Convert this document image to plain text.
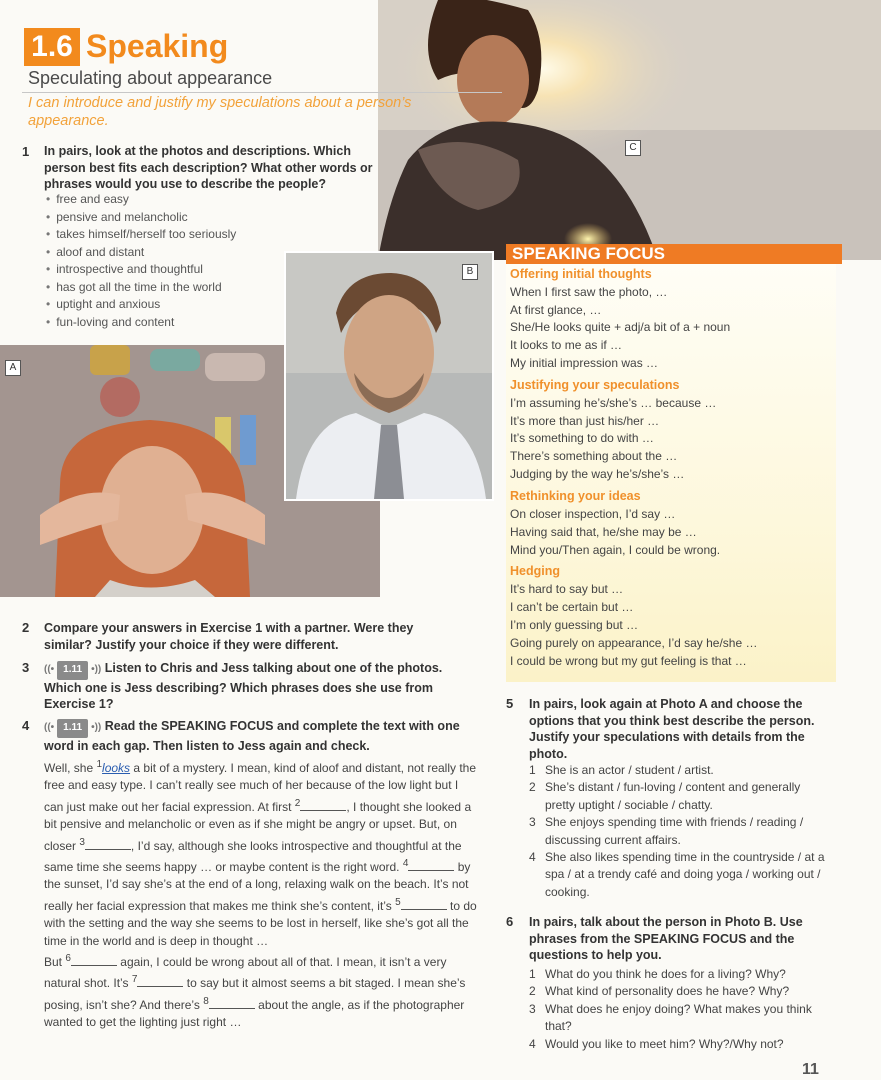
C
1.6 Speaking
Speculating about appearance
I can introduce and justify my speculations about a person’s appearance.
1 In pairs, look at the photos and descriptions. Which person best fits each description? What other words or phrases would you use to describe the people?
• free and easy
• pensive and melancholic
• takes himself/herself too seriously
• aloof and distant
• introspective and thoughtful
• has got all the time in the world
• uptight and anxious
• fun-loving and content
A
B
SPEAKING FOCUS
Offering initial thoughts
When I first saw the photo, …
At first glance, …
She/He looks quite + adj/a bit of a + noun
It looks to me as if …
My initial impression was …
Justifying your speculations
I’m assuming he’s/she’s … because …
It’s more than just his/her …
It’s something to do with …
There’s something about the …
Judging by the way he’s/she’s …
Rethinking your ideas
On closer inspection, I’d say …
Having said that, he/she may be …
Mind you/Then again, I could be wrong.
Hedging
It’s hard to say but …
I can’t be certain but …
I’m only guessing but …
Going purely on appearance, I’d say he/she …
I could be wrong but my gut feeling is that …
2 Compare your answers in Exercise 1 with a partner. Were they similar? Justify your choice if they were different.
3 ((• 1.11 •)) Listen to Chris and Jess talking about one of the photos. Which one is Jess describing? Which phrases does she use from Exercise 1?
4 ((• 1.11 •)) Read the SPEAKING FOCUS and complete the text with one word in each gap. Then listen to Jess again and check.
Well, she $^1$looks a bit of a mystery. I mean, kind of aloof and distant, not really the free and easy type. I can’t really see much of her because of the low light but I can just make out her facial expression. At first $^2$	, I thought she looked a bit pensive and melancholic or even as if she might be angry or upset. But, on closer $^3$	, I’d say, although she looks introspective and thoughtful at the same time she seems happy … or maybe content is the right word. $^4$	by the sunset, I’d say she’s at the end of a long, relaxing walk on the beach. It’s not really her facial expression that makes me think she’s content, it’s $^5$	to do with the setting and the way she seems to be lost in herself, like she’s got all the time in the world and is deep in thought …
But $^6$	again, I could be wrong about all of that. I mean, it isn’t a very natural shot. It’s $^7$	to say but it almost seems a bit staged. I mean she’s posing, isn’t she? And there’s $^8$	about the angle, as if the photographer wanted to get the lighting just right …
5 In pairs, look again at Photo A and choose the options that you think best describe the person. Justify your speculations with details from the photo.
1 She is an actor / student / artist.
2 She’s distant / fun-loving / content and generally pretty uptight / sociable / chatty.
3 She enjoys spending time with friends / reading / discussing current affairs.
4 She also likes spending time in the countryside / at a spa / at a trendy café and doing yoga / working out / cooking.
6 In pairs, talk about the person in Photo B. Use phrases from the SPEAKING FOCUS and the questions to help you.
1 What do you think he does for a living? Why?
2 What kind of personality does he have? Why?
3 What does he enjoy doing? What makes you think that?
4 Would you like to meet him? Why?/Why not?
11
